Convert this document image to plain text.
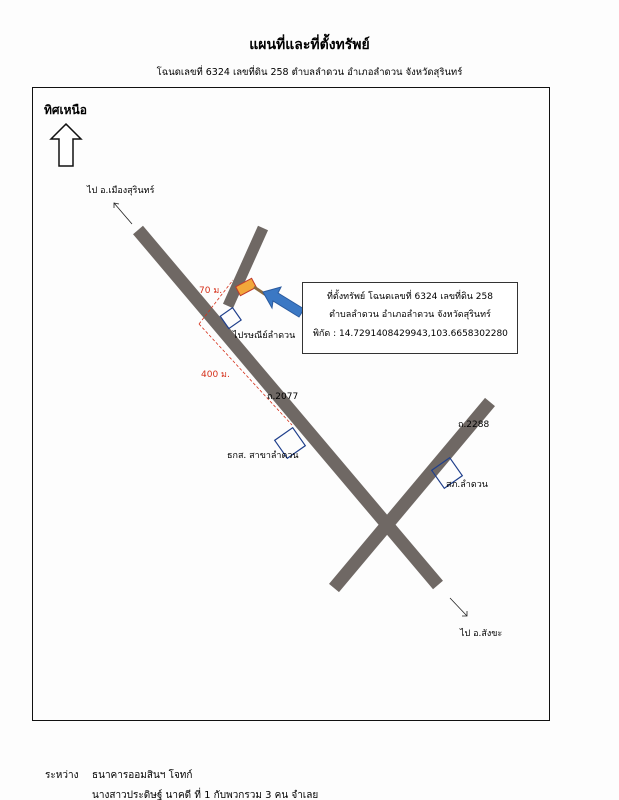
แผนที่และที่ตั้งทรัพย์
โฉนดเลขที่ 6324 เลขที่ดิน 258 ตำบลลำดวน อำเภอลำดวน จังหวัดสุรินทร์
ทิศเหนือ
ไป อ.เมืองสุรินทร์
ไป อ.สังขะ
70 ม.
400 ม.
ไปรษณีย์ลำดวน
ถ.2077
ธกส. สาขาลำดวน
ถ.2288
สภ.ลำดวน
ที่ตั้งทรัพย์ โฉนดเลขที่ 6324 เลขที่ดิน 258
ตำบลลำดวน อำเภอลำดวน จังหวัดสุรินทร์
พิกัด : 14.7291408429943,103.6658302280
ระหว่าง ธนาคารออมสินฯ โจทก์
นางสาวประดิษฐ์ นาคดี ที่ 1 กับพวกรวม 3 คน จำเลย
